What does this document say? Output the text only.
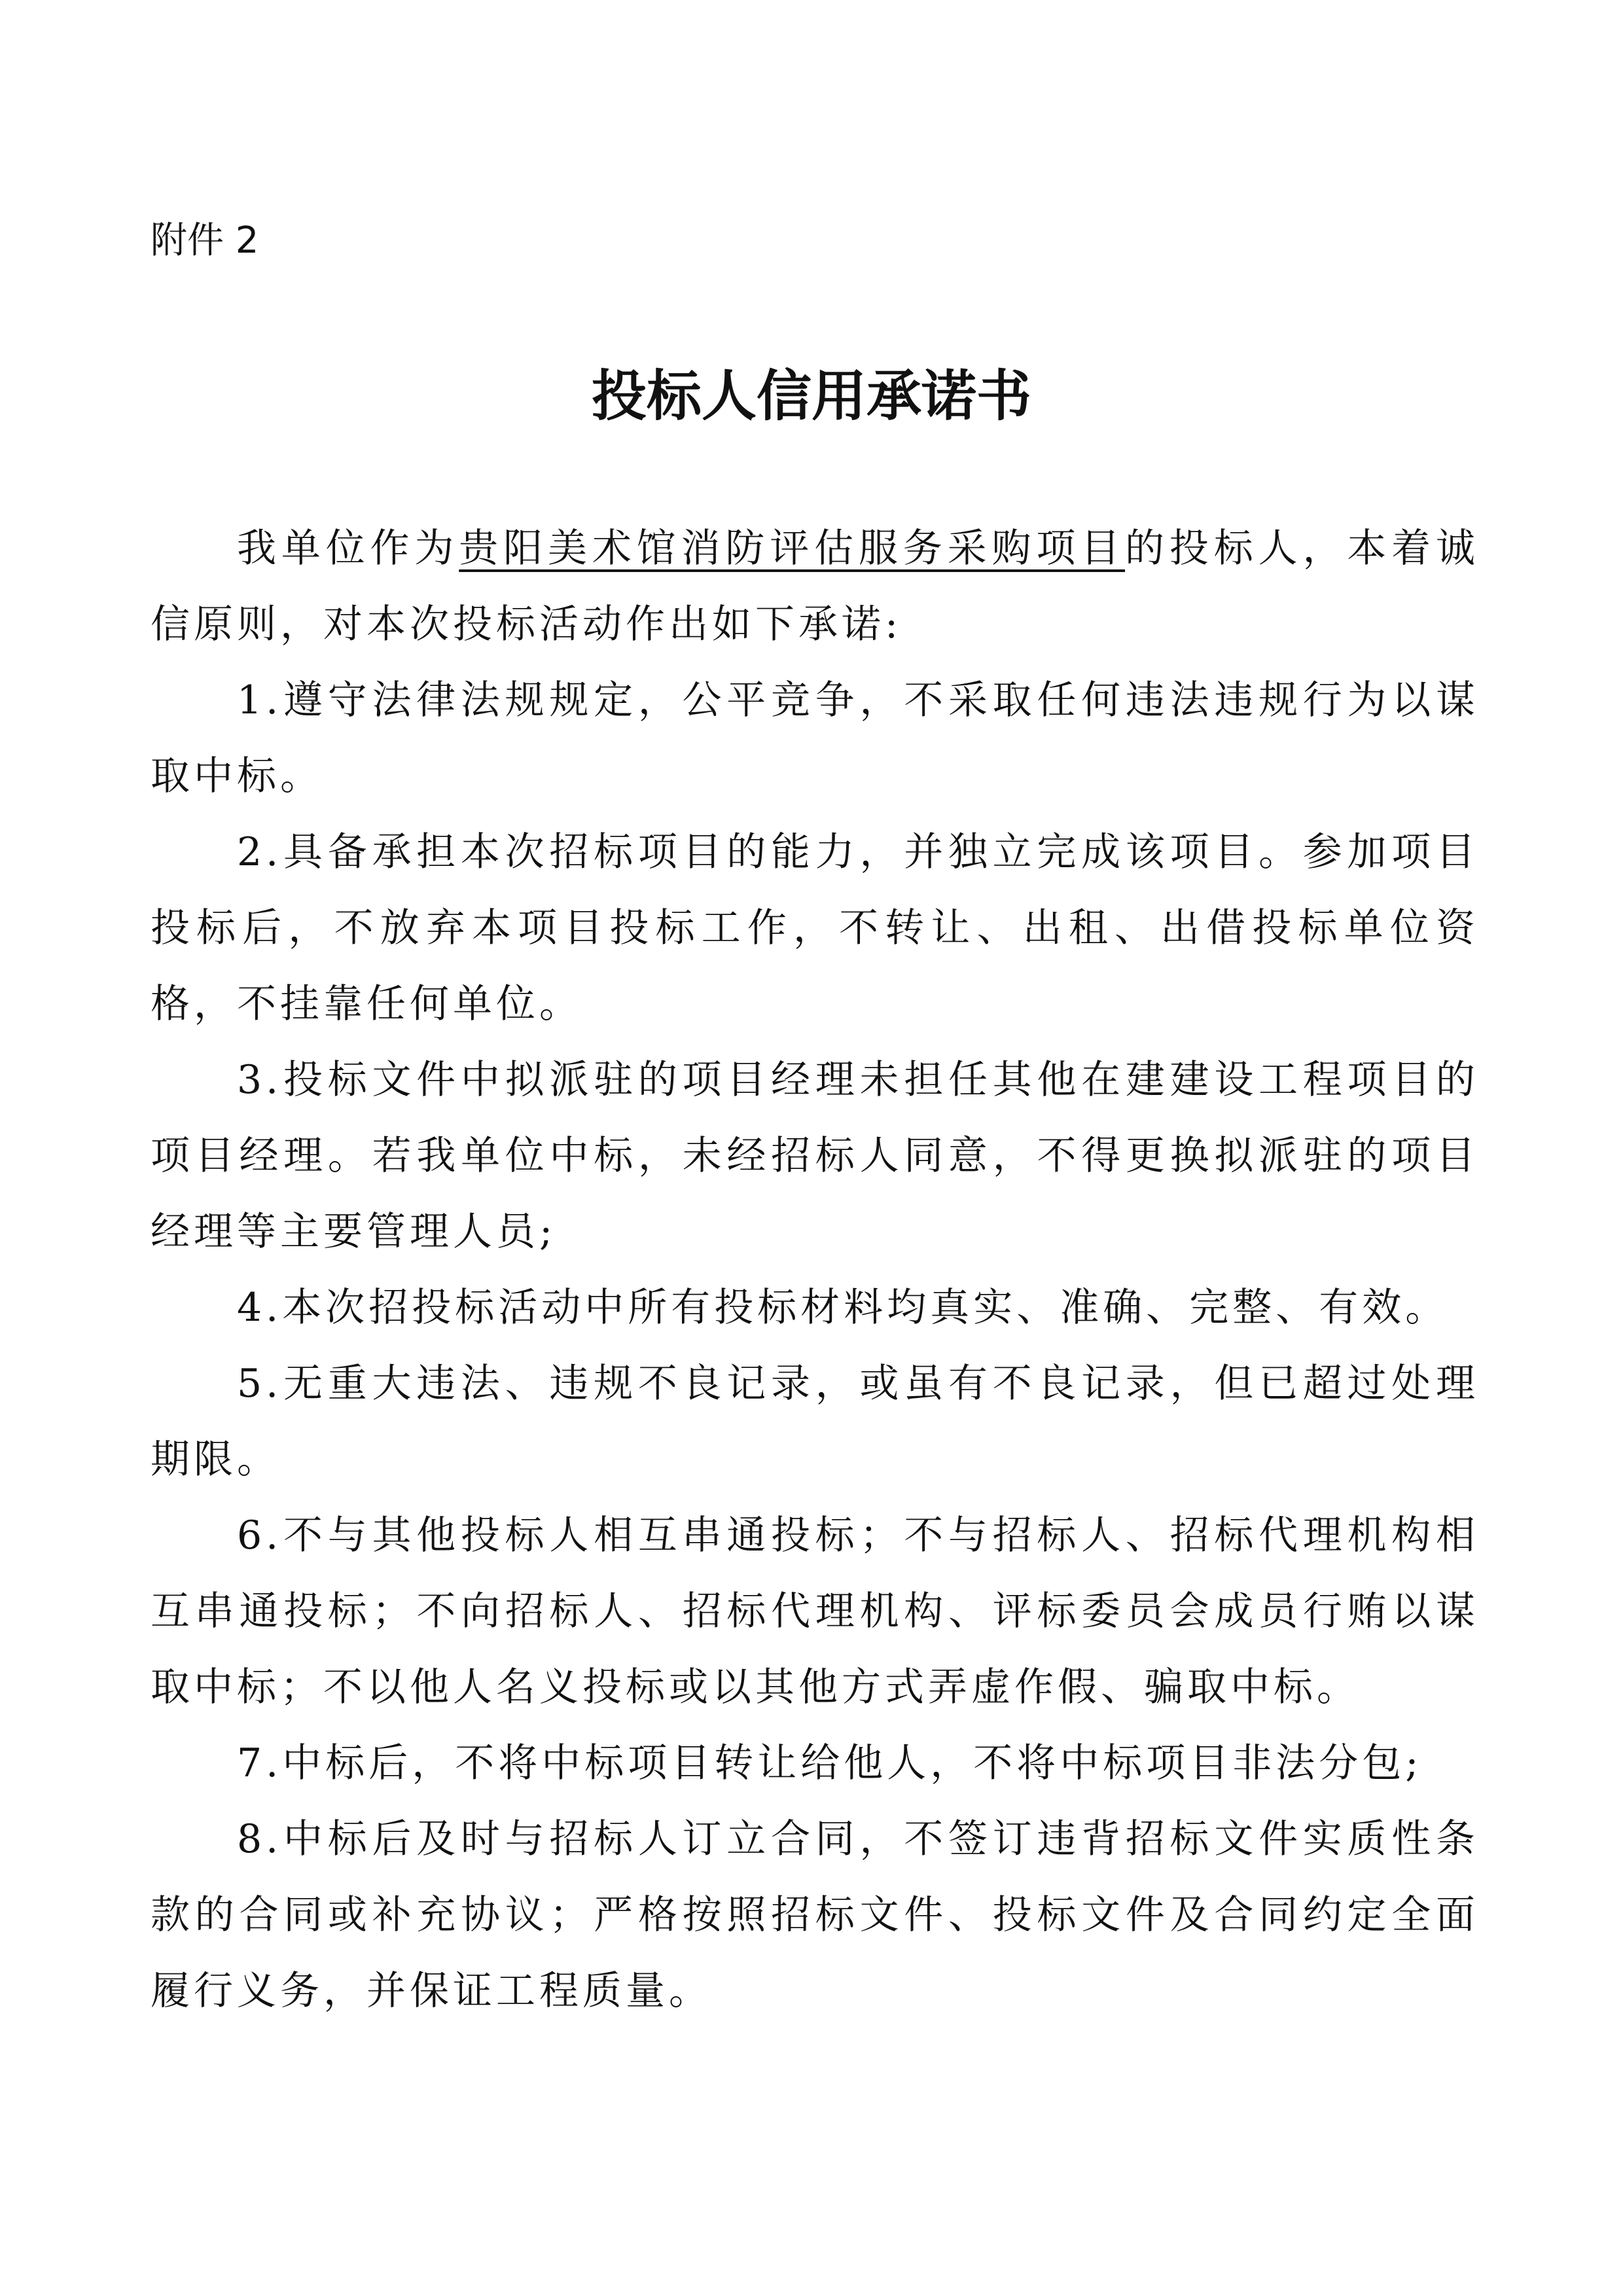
附件 2
投标人信用承诺书

我单位作为贵阳美术馆消防评估服务采购项目的投标人，本着诚信原则，对本次投标活动作出如下承诺:

1.遵守法律法规规定，公平竞争，不采取任何违法违规行为以谋取中标。

2.具备承担本次招标项目的能力，并独立完成该项目。参加项目投标后，不放弃本项目投标工作，不转让、出租、出借投标单位资格，不挂靠任何单位。

3.投标文件中拟派驻的项目经理未担任其他在建建设工程项目的项目经理。若我单位中标，未经招标人同意，不得更换拟派驻的项目经理等主要管理人员;

4.本次招投标活动中所有投标材料均真实、准确、完整、有效。

5.无重大违法、违规不良记录，或虽有不良记录，但已超过处理期限。

6.不与其他投标人相互串通投标；不与招标人、招标代理机构相互串通投标；不向招标人、招标代理机构、评标委员会成员行贿以谋取中标；不以他人名义投标或以其他方式弄虚作假、骗取中标。

7.中标后，不将中标项目转让给他人，不将中标项目非法分包;

8.中标后及时与招标人订立合同，不签订违背招标文件实质性条款的合同或补充协议；严格按照招标文件、投标文件及合同约定全面履行义务，并保证工程质量。
